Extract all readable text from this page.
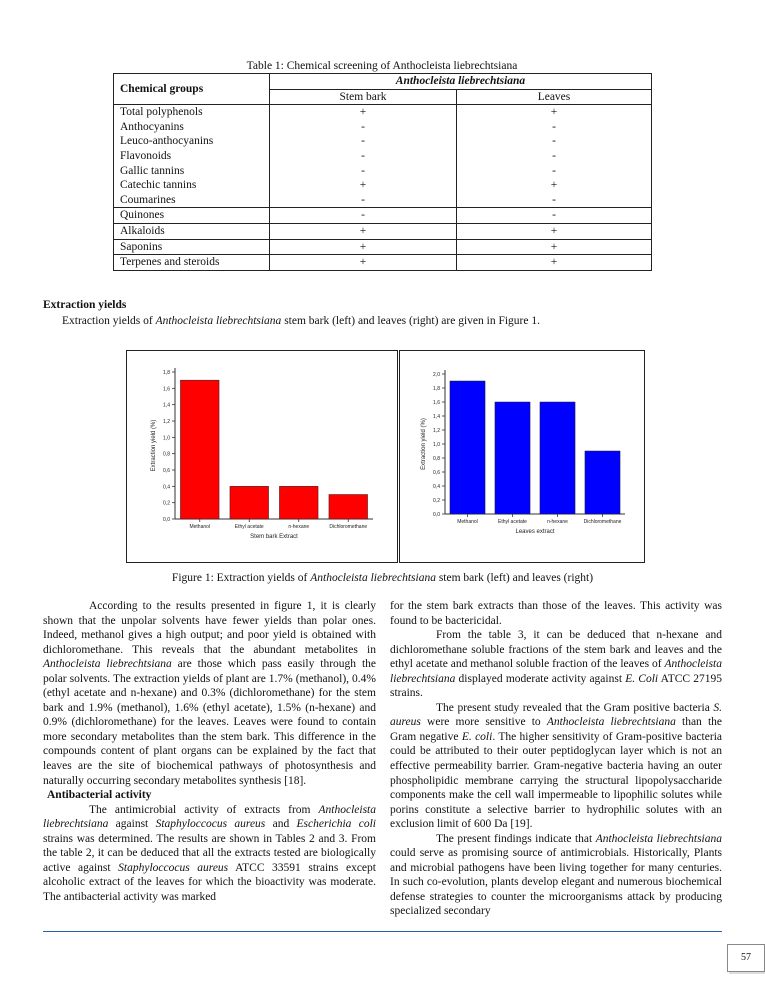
Table 1: Chemical screening of Anthocleista liebrechtsiana
Chemical groups	Anthocleista liebrechtsiana	
	Stem bark	Leaves
Total polyphenols	+	+
Anthocyanins	-	-
Leuco-anthocyanins	-	-
Flavonoids	-	-
Gallic tannins	-	-
Catechic tannins	+	+
Coumarines	-	-
Quinones	-	-
Alkaloids	+	+
Saponins	+	+
Terpenes and steroids	+	+
Extraction yields
Extraction yields of Anthocleista liebrechtsiana stem bark (left) and leaves (right) are given in Figure 1.
0,0
0,2
0,4
0,6
0,8
1,0
1,2
1,4
1,6
1,8
Methanol	Ethyl acetate	n-hexane	Dichloromethane
Stem bark Extract
Extraction yield (%)
0,0
0,2
0,4
0,6
0,8
1,0
1,2
1,4
1,6
1,8
2,0
Methanol	Ethyl acetate	n-hexane	Dichloromethane
Leaves extract
Extraction yield (%)
Figure 1: Extraction yields of Anthocleista liebrechtsiana stem bark (left) and leaves (right)

According to the results presented in figure 1, it is clearly shown that the unpolar solvents have fewer yields than polar ones. Indeed, methanol gives a high output; and poor yield is obtained with dichloromethane. This reveals that the abundant metabolites in Anthocleista liebrechtsiana are those which pass easily through the polar solvents. The extraction yields of plant are 1.7% (methanol), 0.4% (ethyl acetate and n-hexane) and 0.3% (dichloromethane) for the stem bark and 1.9% (methanol), 1.6% (ethyl acetate), 1.5% (n-hexane) and 0.9% (dichloromethane) for the leaves. Leaves were found to contain more secondary metabolites than the stem bark. This difference in the compounds content of plant organs can be explained by the fact that leaves are the site of biochemical pathways of photosynthesis and naturally occurring secondary metabolites synthesis [18].

Antibacterial activity

The antimicrobial activity of extracts from Anthocleista liebrechtsiana against Staphyloccocus aureus and Escherichia coli strains was determined. The results are shown in Tables 2 and 3. From the table 2, it can be deduced that all the extracts tested are biologically active against Staphyloccocus aureus ATCC 33591 strains except alcoholic extract of the leaves for which the bioactivity was moderate. The antibacterial activity was marked

for the stem bark extracts than those of the leaves. This activity was found to be bactericidal.

From the table 3, it can be deduced that n-hexane and dichloromethane soluble fractions of the stem bark and leaves and the ethyl acetate and methanol soluble fraction of the leaves of Anthocleista liebrechtsiana displayed moderate activity against E. Coli ATCC 27195 strains.

The present study revealed that the Gram positive bacteria S. aureus were more sensitive to Anthocleista liebrechtsiana than the Gram negative E. coli. The higher sensitivity of Gram-positive bacteria could be attributed to their outer peptidoglycan layer which is not an effective permeability barrier. Gram-negative bacteria having an outer phospholipidic membrane carrying the structural lipopolysaccharide components make the cell wall impermeable to lipophilic solutes while porins constitute a selective barrier to hydrophilic solutes with an exclusion limit of 600 Da [19].

The present findings indicate that Anthocleista liebrechtsiana could serve as promising source of antimicrobials. Historically, Plants and microbial pathogens have been living together for many centuries. In such co-evolution, plants develop elegant and numerous biochemical defense strategies to counter the microorganisms attack by producing specialized secondary

57
